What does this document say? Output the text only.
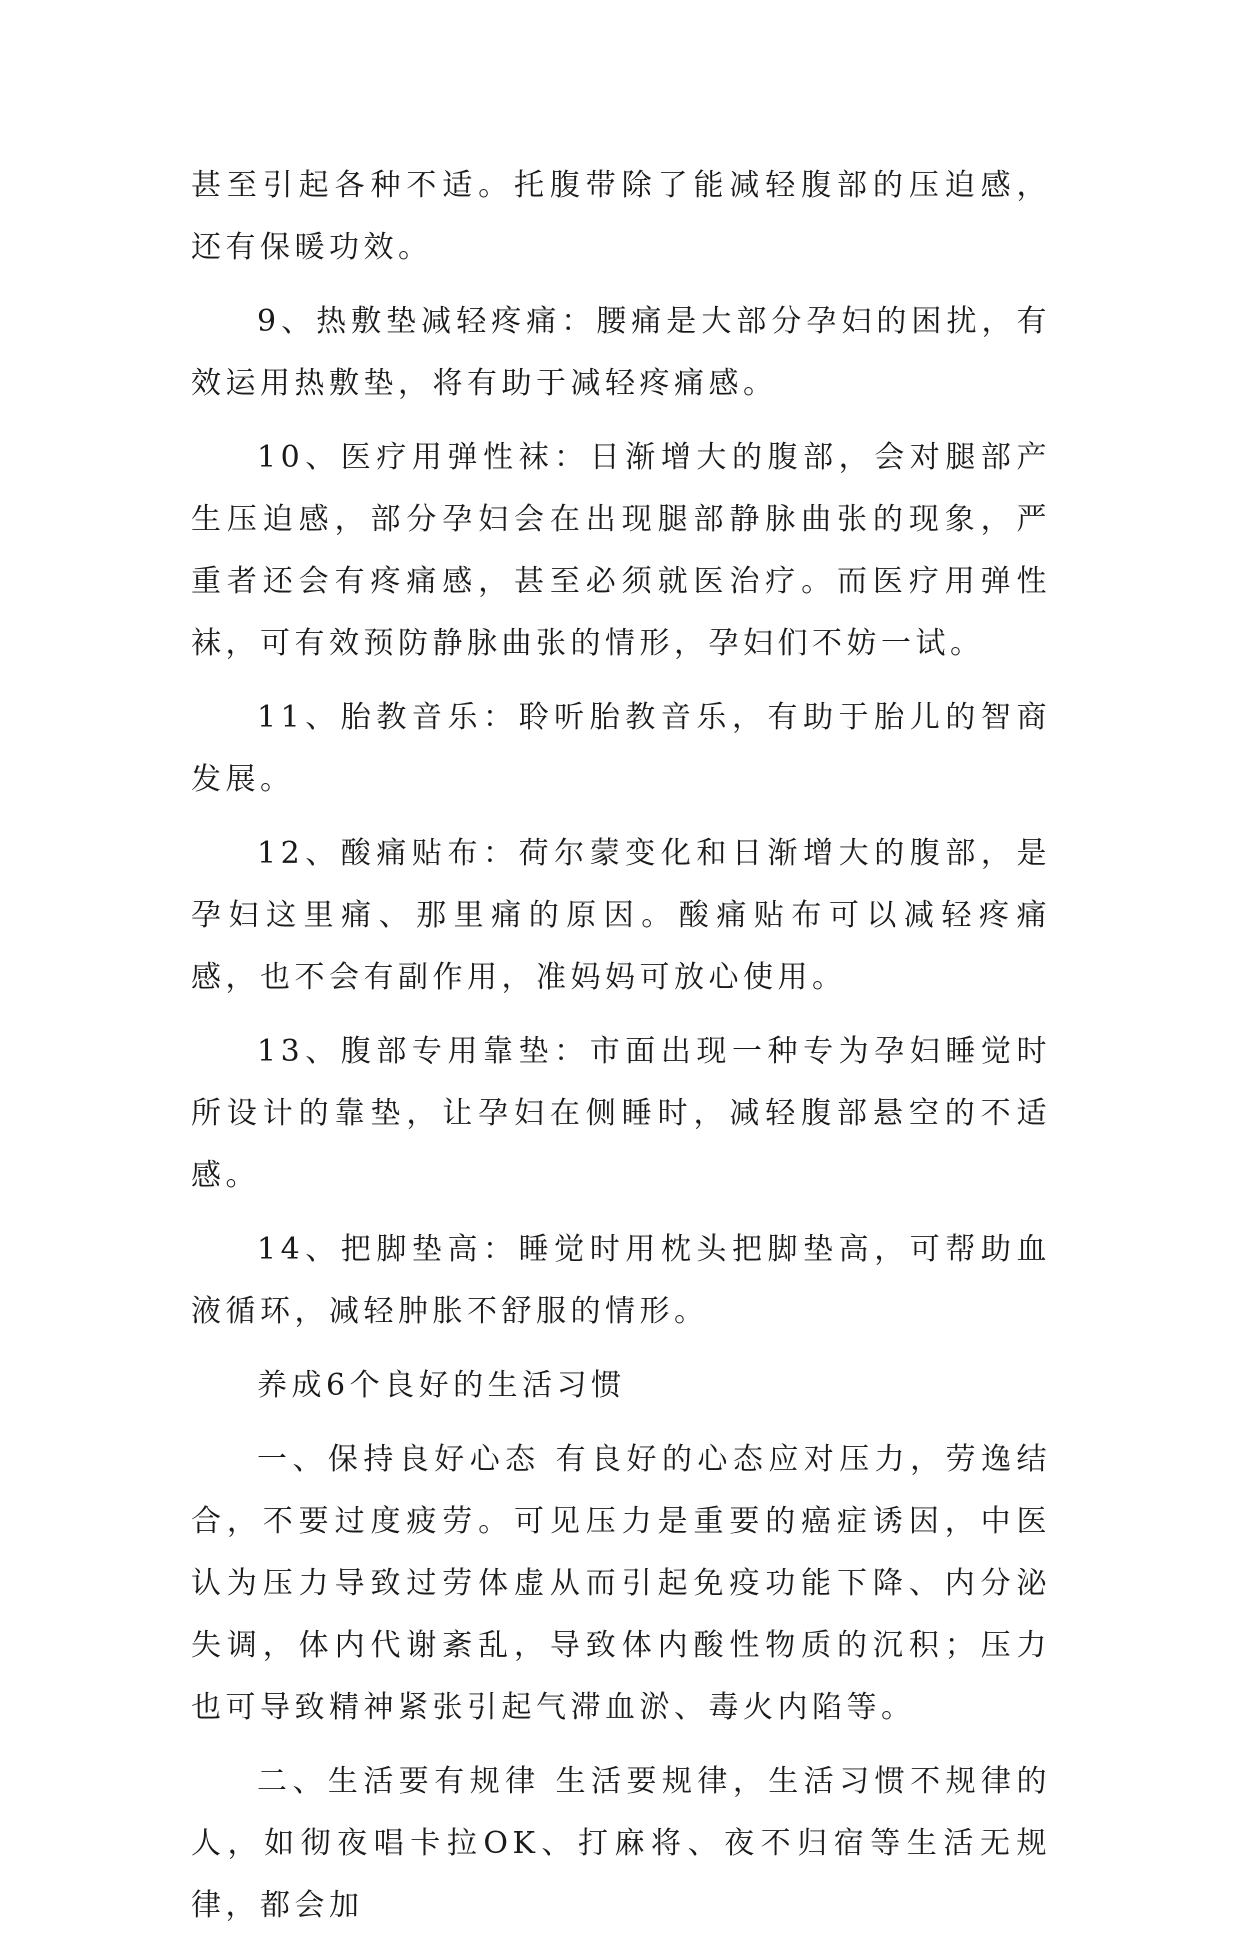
甚至引起各种不适。托腹带除了能减轻腹部的压迫感，还有保暖功效。

9、热敷垫减轻疼痛：腰痛是大部分孕妇的困扰，有效运用热敷垫，将有助于减轻疼痛感。

10、医疗用弹性袜：日渐增大的腹部，会对腿部产生压迫感，部分孕妇会在出现腿部静脉曲张的现象，严重者还会有疼痛感，甚至必须就医治疗。而医疗用弹性袜，可有效预防静脉曲张的情形，孕妇们不妨一试。

11、胎教音乐：聆听胎教音乐，有助于胎儿的智商发展。

12、酸痛贴布：荷尔蒙变化和日渐增大的腹部，是孕妇这里痛、那里痛的原因。酸痛贴布可以减轻疼痛感，也不会有副作用，准妈妈可放心使用。

13、腹部专用靠垫：市面出现一种专为孕妇睡觉时所设计的靠垫，让孕妇在侧睡时，减轻腹部悬空的不适感。

14、把脚垫高：睡觉时用枕头把脚垫高，可帮助血液循环，减轻肿胀不舒服的情形。

养成6个良好的生活习惯

一、保持良好心态 有良好的心态应对压力，劳逸结合，不要过度疲劳。可见压力是重要的癌症诱因，中医认为压力导致过劳体虚从而引起免疫功能下降、内分泌失调，体内代谢紊乱，导致体内酸性物质的沉积；压力也可导致精神紧张引起气滞血淤、毒火内陷等。

二、生活要有规律 生活要规律，生活习惯不规律的人，如彻夜唱卡拉OK、打麻将、夜不归宿等生活无规律，都会加
